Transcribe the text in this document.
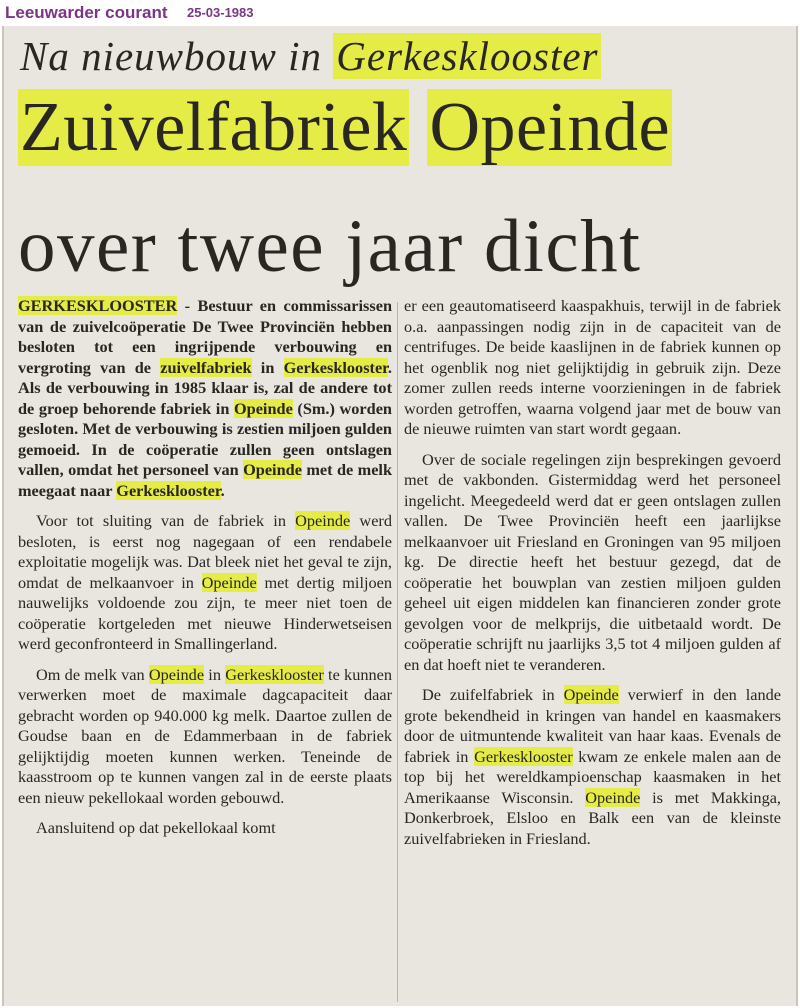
Leeuwarder courant 25-03-1983
Na nieuwbouw in Gerkesklooster
Zuivelfabriek Opeinde
over twee jaar dicht

GERKESKLOOSTER - Bestuur en commissarissen van de zuivelcoöperatie De Twee Provinciën hebben besloten tot een ingrijpende verbouwing en vergroting van de zuivelfabriek in Gerkesklooster. Als de verbouwing in 1985 klaar is, zal de andere tot de groep behorende fabriek in Opeinde (Sm.) worden gesloten. Met de verbouwing is zestien miljoen gulden gemoeid. In de coöperatie zullen geen ontslagen vallen, omdat het personeel van Opeinde met de melk meegaat naar Gerkesklooster.

Voor tot sluiting van de fabriek in Opeinde werd besloten, is eerst nog nagegaan of een rendabele exploitatie mogelijk was. Dat bleek niet het geval te zijn, omdat de melkaanvoer in Opeinde met dertig miljoen nauwelijks voldoende zou zijn, te meer niet toen de coöperatie kortgeleden met nieuwe Hinderwetseisen werd geconfronteerd in Smallingerland.

Om de melk van Opeinde in Gerkesklooster te kunnen verwerken moet de maximale dagcapaciteit daar gebracht worden op 940.000 kg melk. Daartoe zullen de Goudse baan en de Edammerbaan in de fabriek gelijktijdig moeten kunnen werken. Teneinde de kaasstroom op te kunnen vangen zal in de eerste plaats een nieuw pekellokaal worden gebouwd.

Aansluitend op dat pekellokaal komt

er een geautomatiseerd kaaspakhuis, terwijl in de fabriek o.a. aanpassingen nodig zijn in de capaciteit van de centrifuges. De beide kaaslijnen in de fabriek kunnen op het ogenblik nog niet gelijktijdig in gebruik zijn. Deze zomer zullen reeds interne voorzieningen in de fabriek worden getroffen, waarna volgend jaar met de bouw van de nieuwe ruimten van start wordt gegaan.

Over de sociale regelingen zijn besprekingen gevoerd met de vakbonden. Gistermiddag werd het personeel ingelicht. Meegedeeld werd dat er geen ontslagen zullen vallen. De Twee Provinciën heeft een jaarlijkse melkaanvoer uit Friesland en Groningen van 95 miljoen kg. De directie heeft het bestuur gezegd, dat de coöperatie het bouwplan van zestien miljoen gulden geheel uit eigen middelen kan financieren zonder grote gevolgen voor de melkprijs, die uitbetaald wordt. De coöperatie schrijft nu jaarlijks 3,5 tot 4 miljoen gulden af en dat hoeft niet te veranderen.

De zuifelfabriek in Opeinde verwierf in den lande grote bekendheid in kringen van handel en kaasmakers door de uitmuntende kwaliteit van haar kaas. Evenals de fabriek in Gerkesklooster kwam ze enkele malen aan de top bij het wereldkampioenschap kaasmaken in het Amerikaanse Wisconsin. Opeinde is met Makkinga, Donkerbroek, Elsloo en Balk een van de kleinste zuivelfabrieken in Friesland.
